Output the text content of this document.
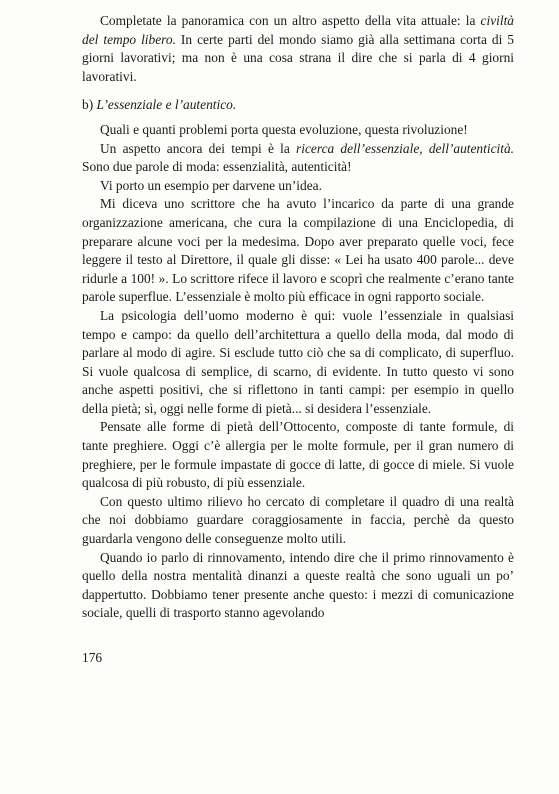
Completate la panoramica con un altro aspetto della vita attuale: la civiltà del tempo libero. In certe parti del mondo siamo già alla settimana corta di 5 giorni lavorativi; ma non è una cosa strana il dire che si parla di 4 giorni lavorativi.

b) L’essenziale e l’autentico.

Quali e quanti problemi porta questa evoluzione, questa rivoluzione!

Un aspetto ancora dei tempi è la ricerca dell’essenziale, dell’autenticità. Sono due parole di moda: essenzialità, autenticità!

Vi porto un esempio per darvene un’idea.

Mi diceva uno scrittore che ha avuto l’incarico da parte di una grande organizzazione americana, che cura la compilazione di una Enciclopedia, di preparare alcune voci per la medesima. Dopo aver preparato quelle voci, fece leggere il testo al Direttore, il quale gli disse: « Lei ha usato 400 parole... deve ridurle a 100! ». Lo scrittore rifece il lavoro e scoprì che realmente c’erano tante parole superflue. L’essenziale è molto più efficace in ogni rapporto sociale.

La psicologia dell’uomo moderno è qui: vuole l’essenziale in qualsiasi tempo e campo: da quello dell’architettura a quello della moda, dal modo di parlare al modo di agire. Si esclude tutto ciò che sa di complicato, di superfluo. Si vuole qualcosa di semplice, di scarno, di evidente. In tutto questo vi sono anche aspetti positivi, che si riflettono in tanti campi: per esempio in quello della pietà; sì, oggi nelle forme di pietà... si desidera l’essenziale.

Pensate alle forme di pietà dell’Ottocento, composte di tante formule, di tante preghiere. Oggi c’è allergia per le molte formule, per il gran numero di preghiere, per le formule impastate di gocce di latte, di gocce di miele. Si vuole qualcosa di più robusto, di più essenziale.

Con questo ultimo rilievo ho cercato di completare il quadro di una realtà che noi dobbiamo guardare coraggiosamente in faccia, perchè da questo guardarla vengono delle conseguenze molto utili.

Quando io parlo di rinnovamento, intendo dire che il primo rinnovamento è quello della nostra mentalità dinanzi a queste realtà che sono uguali un po’ dappertutto. Dobbiamo tener presente anche questo: i mezzi di comunicazione sociale, quelli di trasporto stanno agevolando

176
